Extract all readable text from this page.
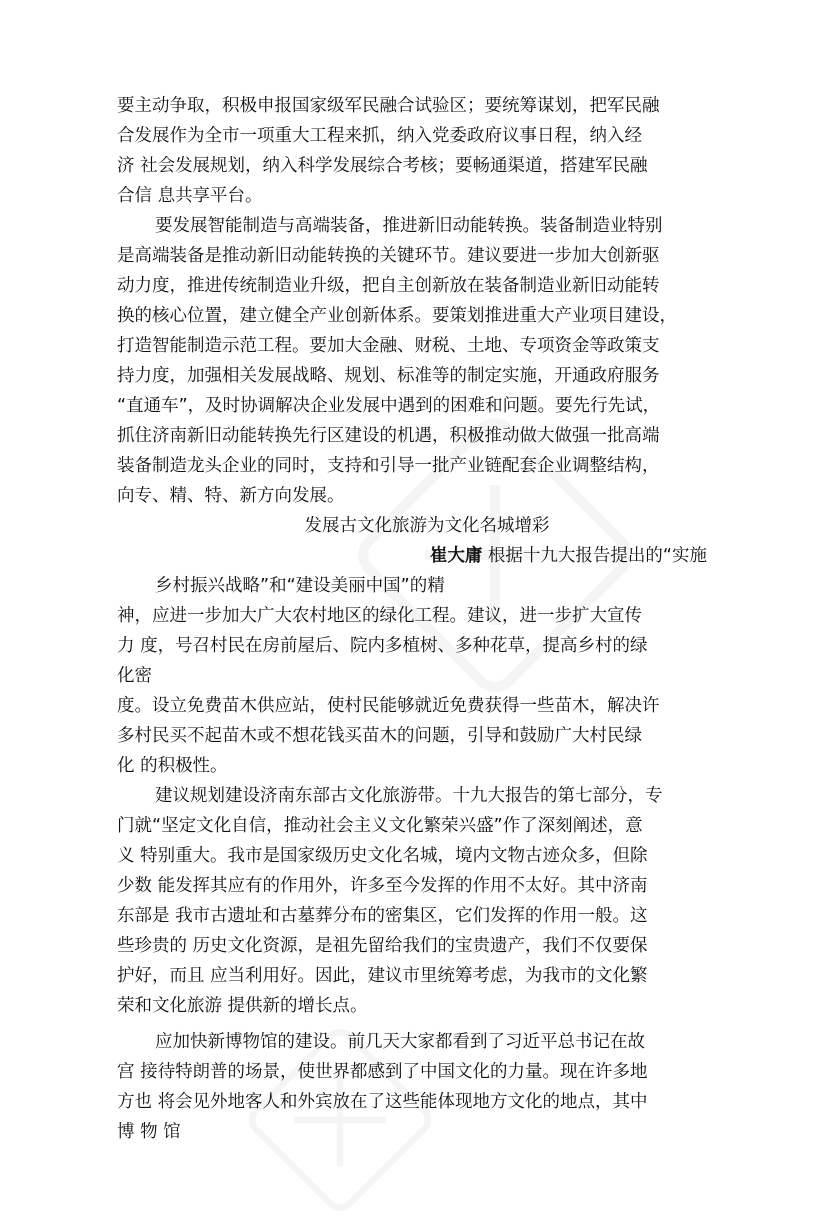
要主动争取，积极申报国家级军民融合试验区；要统筹谋划，把军民融
合发展作为全市一项重大工程来抓，纳入党委政府议事日程，纳入经
济 社会发展规划，纳入科学发展综合考核；要畅通渠道，搭建军民融
合信 息共享平台。
要发展智能制造与高端装备，推进新旧动能转换。装备制造业特别
是高端装备是推动新旧动能转换的关键环节。建议要进一步加大创新驱
动力度，推进传统制造业升级，把自主创新放在装备制造业新旧动能转
换的核心位置，建立健全产业创新体系。要策划推进重大产业项目建设，
打造智能制造示范工程。要加大金融、财税、土地、专项资金等政策支
持力度，加强相关发展战略、规划、标准等的制定实施，开通政府服务
“直通车”，及时协调解决企业发展中遇到的困难和问题。要先行先试，
抓住济南新旧动能转换先行区建设的机遇，积极推动做大做强一批高端
装备制造龙头企业的同时，支持和引导一批产业链配套企业调整结构，
向专、精、特、新方向发展。
发展古文化旅游为文化名城增彩
崔大庸 根据十九大报告提出的“实施
乡村振兴战略”和“建设美丽中国”的精
神，应进一步加大广大农村地区的绿化工程。建议，进一步扩大宣传
力 度，号召村民在房前屋后、院内多植树、多种花草，提高乡村的绿
化密
度。设立免费苗木供应站，使村民能够就近免费获得一些苗木，解决许
多村民买不起苗木或不想花钱买苗木的问题，引导和鼓励广大村民绿
化 的积极性。
建议规划建设济南东部古文化旅游带。十九大报告的第七部分，专
门就“坚定文化自信，推动社会主义文化繁荣兴盛”作了深刻阐述，意
义 特别重大。我市是国家级历史文化名城，境内文物古迹众多，但除
少数 能发挥其应有的作用外，许多至今发挥的作用不太好。其中济南
东部是 我市古遗址和古墓葬分布的密集区，它们发挥的作用一般。这
些珍贵的 历史文化资源，是祖先留给我们的宝贵遗产，我们不仅要保
护好，而且 应当利用好。因此，建议市里统筹考虑，为我市的文化繁
荣和文化旅游 提供新的增长点。
应加快新博物馆的建设。前几天大家都看到了习近平总书记在故
宫 接待特朗普的场景，使世界都感到了中国文化的力量。现在许多地
方也 将会见外地客人和外宾放在了这些能体现地方文化的地点，其中
博 物 馆
